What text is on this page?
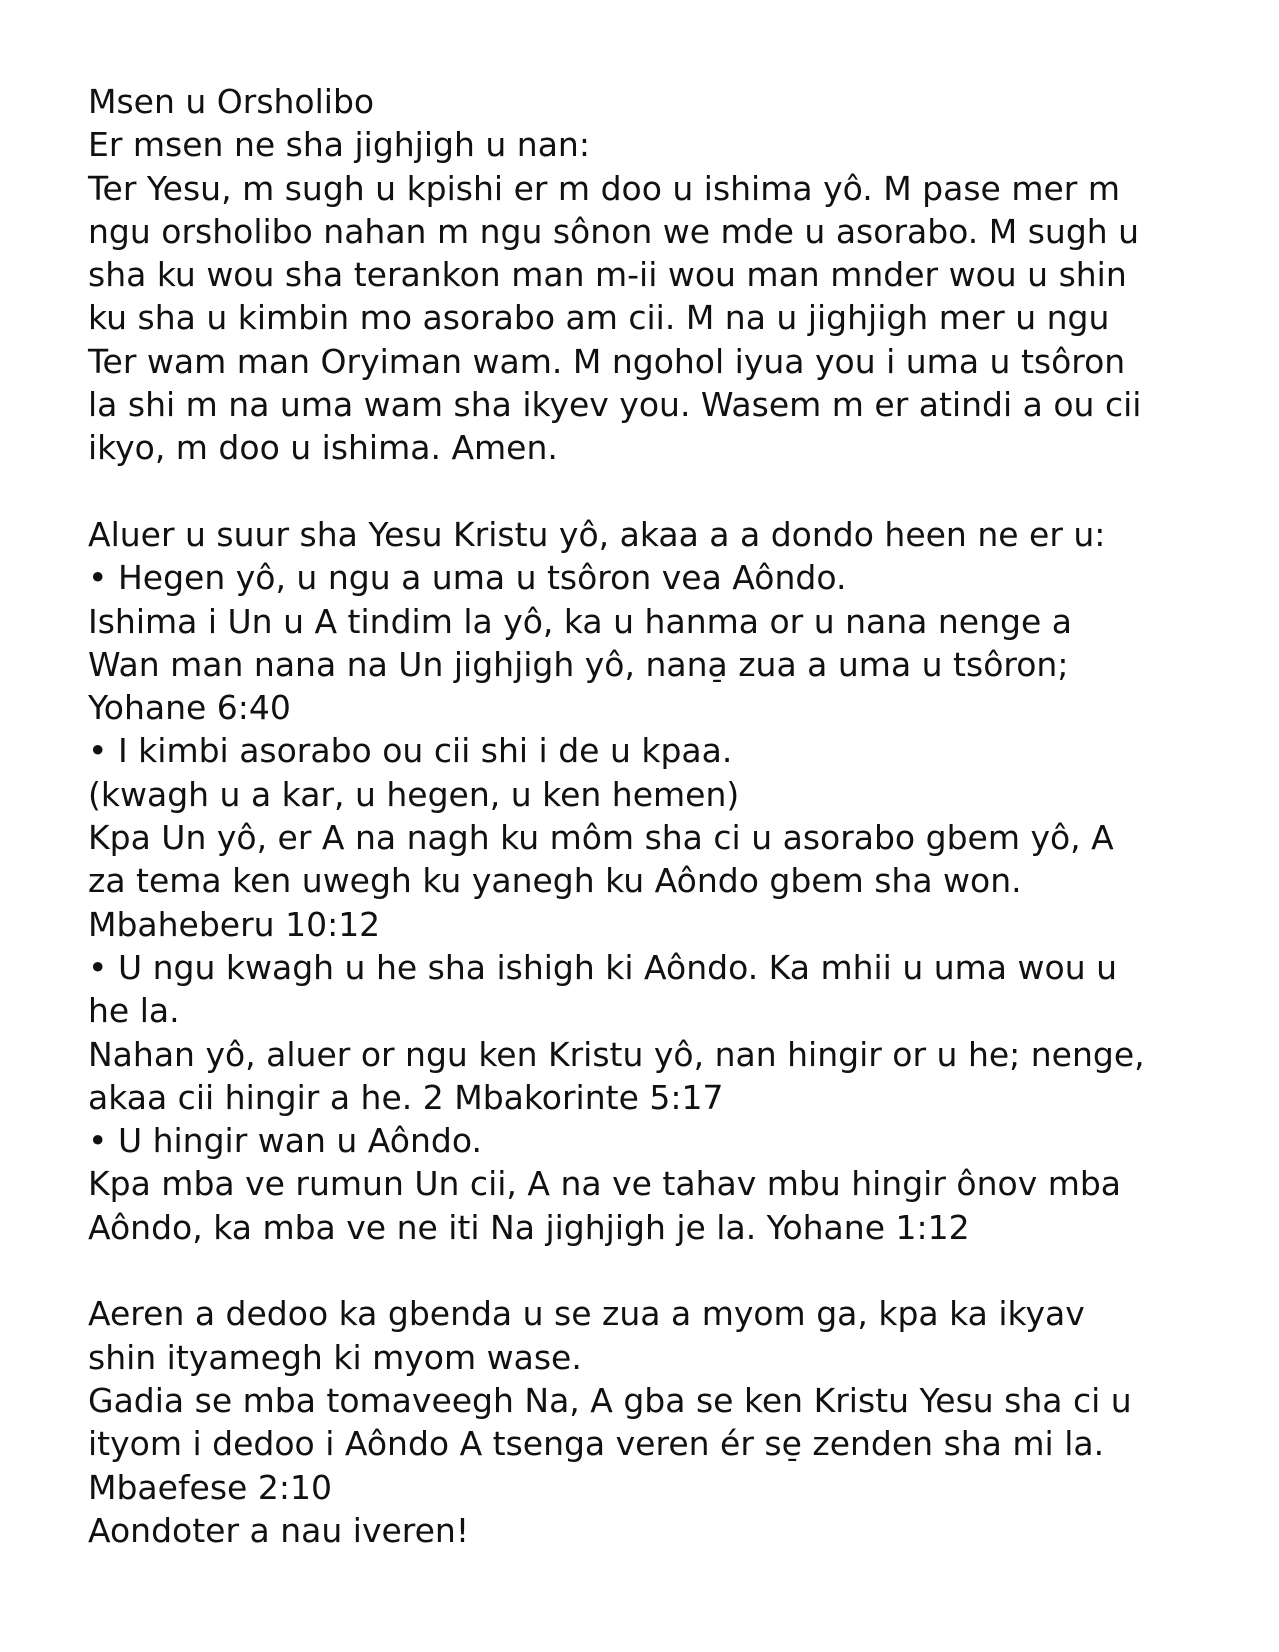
Msen u Orsholibo
Er msen ne sha jighjigh u nan:
Ter Yesu, m sugh u kpishi er m doo u ishima yô. M pase mer m
ngu orsholibo nahan m ngu sônon we mde u asorabo. M sugh u
sha ku wou sha terankon man m-ii wou man mnder wou u shin
ku sha u kimbin mo asorabo am cii. M na u jighjigh mer u ngu
Ter wam man Oryiman wam. M ngohol iyua you i uma u tsôron
la shi m na uma wam sha ikyev you. Wasem m er atindi a ou cii
ikyo, m doo u ishima. Amen.
Aluer u suur sha Yesu Kristu yô, akaa a a dondo heen ne er u:
• Hegen yô, u ngu a uma u tsôron vea Aôndo.
Ishima i Un u A tindim la yô, ka u hanma or u nana nenge a
Wan man nana na Un jighjigh yô, nana̠ zua a uma u tsôron;
Yohane 6:40
• I kimbi asorabo ou cii shi i de u kpaa.
(kwagh u a kar, u hegen, u ken hemen)
Kpa Un yô, er A na nagh ku môm sha ci u asorabo gbem yô, A
za tema ken uwegh ku yanegh ku Aôndo gbem sha won.
Mbaheberu 10:12
• U ngu kwagh u he sha ishigh ki Aôndo. Ka mhii u uma wou u
he la.
Nahan yô, aluer or ngu ken Kristu yô, nan hingir or u he; nenge,
akaa cii hingir a he. 2 Mbakorinte 5:17
• U hingir wan u Aôndo.
Kpa mba ve rumun Un cii, A na ve tahav mbu hingir ônov mba
Aôndo, ka mba ve ne iti Na jighjigh je la. Yohane 1:12
Aeren a dedoo ka gbenda u se zua a myom ga, kpa ka ikyav
shin ityamegh ki myom wase.
Gadia se mba tomaveegh Na, A gba se ken Kristu Yesu sha ci u
ityom i dedoo i Aôndo A tsenga veren ér se̠ zenden sha mi la.
Mbaefese 2:10
Aondoter a nau iveren!
